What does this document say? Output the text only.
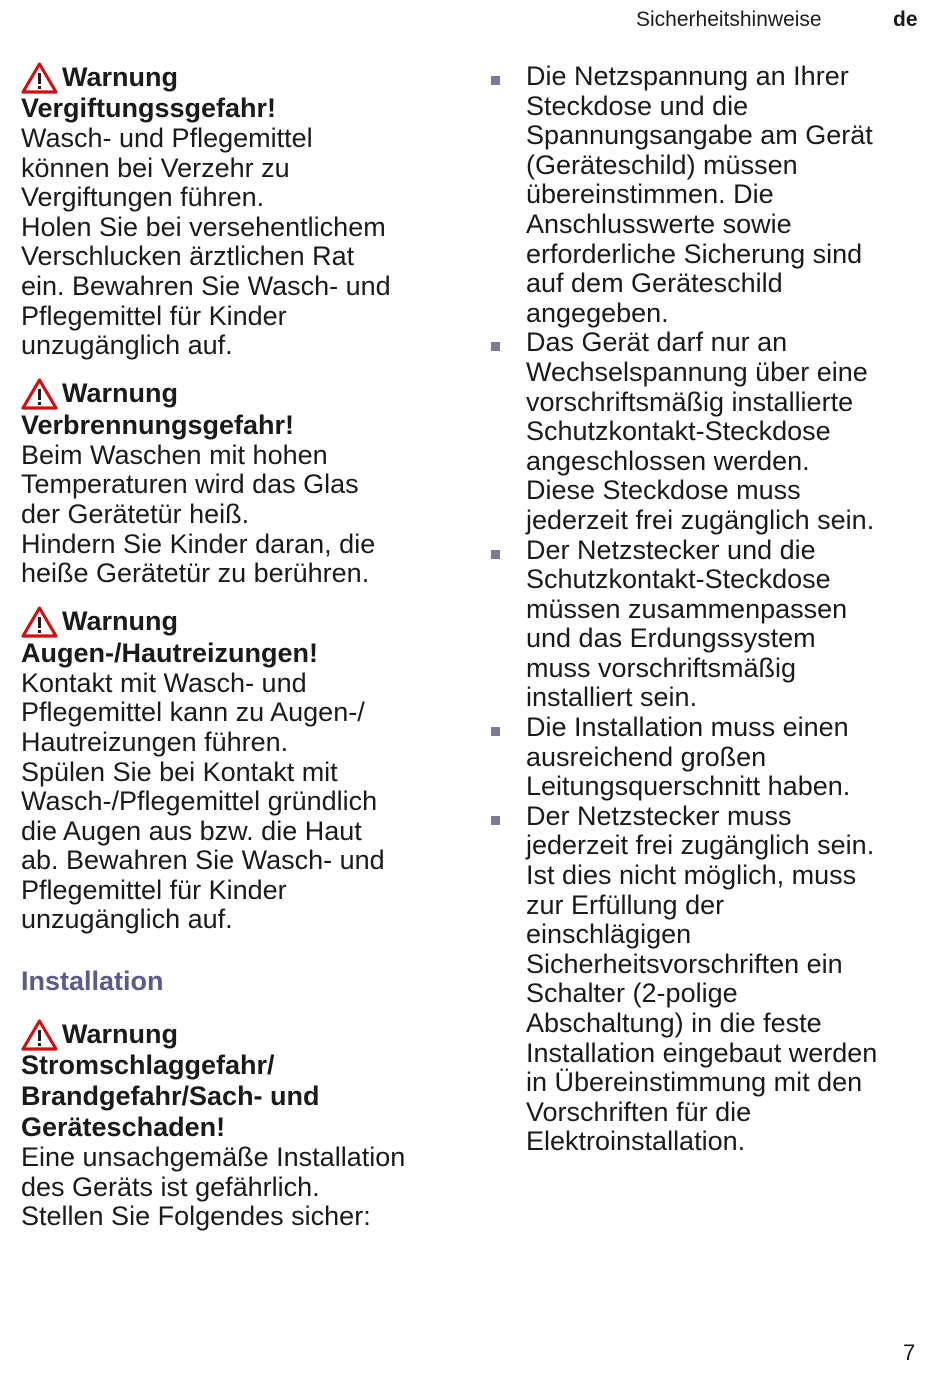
Sicherheitshinweise	de
Warnung
Vergiftungssgefahr!
Wasch- und Pflegemittel
können bei Verzehr zu
Vergiftungen führen.
Holen Sie bei versehentlichem
Verschlucken ärztlichen Rat
ein. Bewahren Sie Wasch- und
Pflegemittel für Kinder
unzugänglich auf.
Warnung
Verbrennungsgefahr!
Beim Waschen mit hohen
Temperaturen wird das Glas
der Gerätetür heiß.
Hindern Sie Kinder daran, die
heiße Gerätetür zu berühren.
Warnung
Augen-/Hautreizungen!
Kontakt mit Wasch- und
Pflegemittel kann zu Augen-/
Hautreizungen führen.
Spülen Sie bei Kontakt mit
Wasch-/Pflegemittel gründlich
die Augen aus bzw. die Haut
ab. Bewahren Sie Wasch- und
Pflegemittel für Kinder
unzugänglich auf.
Installation
Warnung
Stromschlaggefahr/
Brandgefahr/Sach- und
Geräteschaden!
Eine unsachgemäße Installation
des Geräts ist gefährlich.
Stellen Sie Folgendes sicher:
Die Netzspannung an Ihrer
Steckdose und die
Spannungsangabe am Gerät
(Geräteschild) müssen
übereinstimmen. Die
Anschlusswerte sowie
erforderliche Sicherung sind
auf dem Geräteschild
angegeben.
Das Gerät darf nur an
Wechselspannung über eine
vorschriftsmäßig installierte
Schutzkontakt-Steckdose
angeschlossen werden.
Diese Steckdose muss
jederzeit frei zugänglich sein.
Der Netzstecker und die
Schutzkontakt-Steckdose
müssen zusammenpassen
und das Erdungssystem
muss vorschriftsmäßig
installiert sein.
Die Installation muss einen
ausreichend großen
Leitungsquerschnitt haben.
Der Netzstecker muss
jederzeit frei zugänglich sein.
Ist dies nicht möglich, muss
zur Erfüllung der
einschlägigen
Sicherheitsvorschriften ein
Schalter (2-polige
Abschaltung) in die feste
Installation eingebaut werden
in Übereinstimmung mit den
Vorschriften für die
Elektroinstallation.
7
